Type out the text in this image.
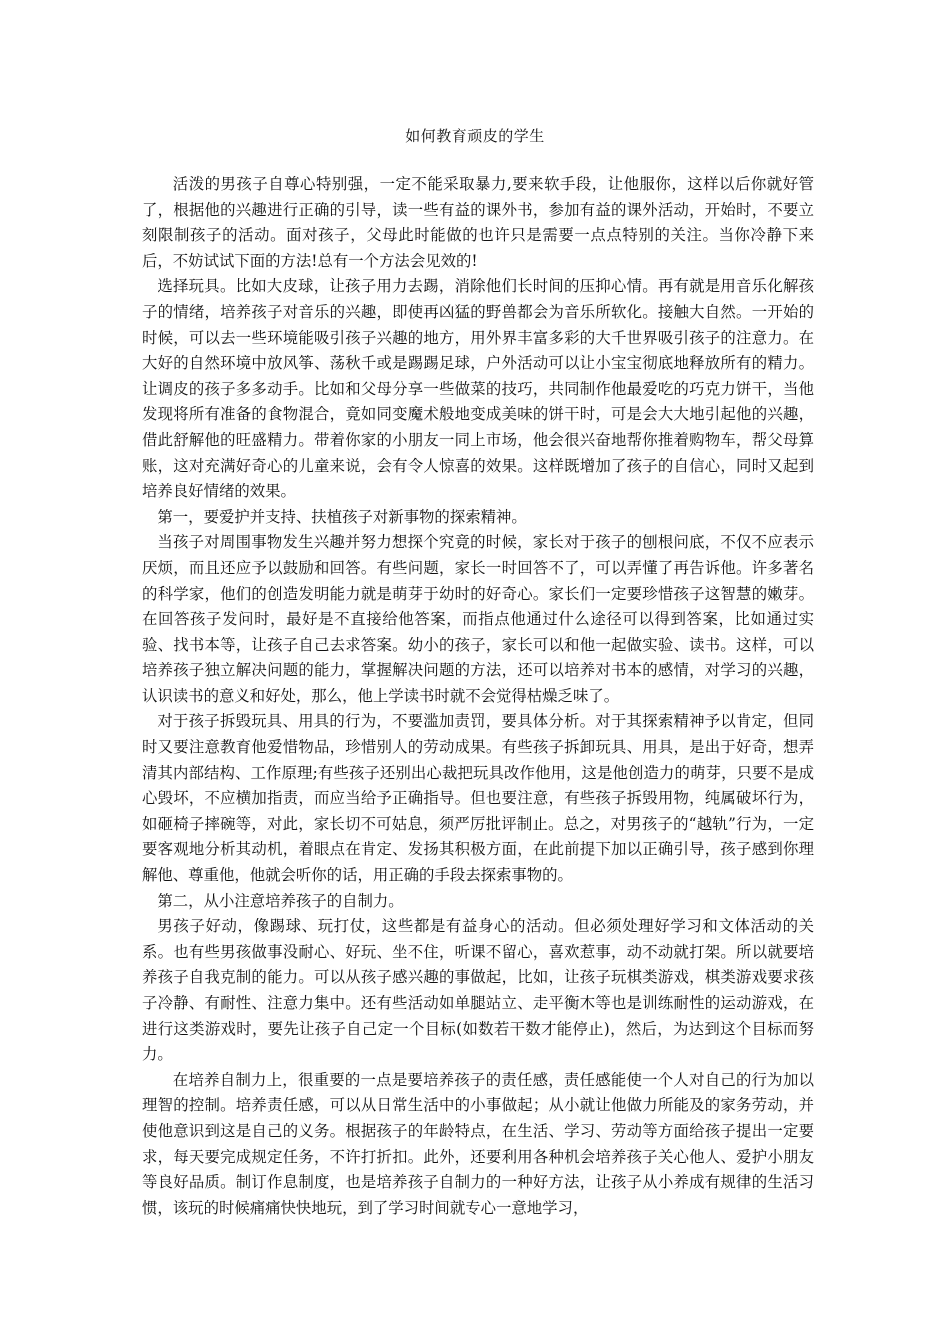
如何教育顽皮的学生

活泼的男孩子自尊心特别强，一定不能采取暴力,要来软手段，让他服你，这样以后你就好管了，根据他的兴趣进行正确的引导，读一些有益的课外书，参加有益的课外活动，开始时，不要立刻限制孩子的活动。面对孩子，父母此时能做的也许只是需要一点点特别的关注。当你冷静下来后，不妨试试下面的方法!总有一个方法会见效的!

选择玩具。比如大皮球，让孩子用力去踢，消除他们长时间的压抑心情。再有就是用音乐化解孩子的情绪，培养孩子对音乐的兴趣，即使再凶猛的野兽都会为音乐所软化。接触大自然。一开始的时候，可以去一些环境能吸引孩子兴趣的地方，用外界丰富多彩的大千世界吸引孩子的注意力。在大好的自然环境中放风筝、荡秋千或是踢踢足球，户外活动可以让小宝宝彻底地释放所有的精力。让调皮的孩子多多动手。比如和父母分享一些做菜的技巧，共同制作他最爱吃的巧克力饼干，当他发现将所有准备的食物混合，竟如同变魔术般地变成美味的饼干时，可是会大大地引起他的兴趣，借此舒解他的旺盛精力。带着你家的小朋友一同上市场，他会很兴奋地帮你推着购物车，帮父母算账，这对充满好奇心的儿童来说，会有令人惊喜的效果。这样既增加了孩子的自信心，同时又起到培养良好情绪的效果。

第一，要爱护并支持、扶植孩子对新事物的探索精神。

当孩子对周围事物发生兴趣并努力想探个究竟的时候，家长对于孩子的刨根问底，不仅不应表示厌烦，而且还应予以鼓励和回答。有些问题，家长一时回答不了，可以弄懂了再告诉他。许多著名的科学家，他们的创造发明能力就是萌芽于幼时的好奇心。家长们一定要珍惜孩子这智慧的嫩芽。在回答孩子发问时，最好是不直接给他答案，而指点他通过什么途径可以得到答案，比如通过实验、找书本等，让孩子自己去求答案。幼小的孩子，家长可以和他一起做实验、读书。这样，可以培养孩子独立解决问题的能力，掌握解决问题的方法，还可以培养对书本的感情，对学习的兴趣，认识读书的意义和好处，那么，他上学读书时就不会觉得枯燥乏味了。

对于孩子拆毁玩具、用具的行为，不要滥加责罚，要具体分析。对于其探索精神予以肯定，但同时又要注意教育他爱惜物品，珍惜别人的劳动成果。有些孩子拆卸玩具、用具，是出于好奇，想弄清其内部结构、工作原理;有些孩子还别出心裁把玩具改作他用，这是他创造力的萌芽，只要不是成心毁坏，不应横加指责，而应当给予正确指导。但也要注意，有些孩子拆毁用物，纯属破坏行为，如砸椅子摔碗等，对此，家长切不可姑息，须严厉批评制止。总之，对男孩子的“越轨”行为，一定要客观地分析其动机，着眼点在肯定、发扬其积极方面，在此前提下加以正确引导，孩子感到你理解他、尊重他，他就会听你的话，用正确的手段去探索事物的。

第二，从小注意培养孩子的自制力。

男孩子好动，像踢球、玩打仗，这些都是有益身心的活动。但必须处理好学习和文体活动的关系。也有些男孩做事没耐心、好玩、坐不住，听课不留心，喜欢惹事，动不动就打架。所以就要培养孩子自我克制的能力。可以从孩子感兴趣的事做起，比如，让孩子玩棋类游戏，棋类游戏要求孩子冷静、有耐性、注意力集中。还有些活动如单腿站立、走平衡木等也是训练耐性的运动游戏，在进行这类游戏时，要先让孩子自己定一个目标(如数若干数才能停止)，然后，为达到这个目标而努力。

在培养自制力上，很重要的一点是要培养孩子的责任感，责任感能使一个人对自己的行为加以理智的控制。培养责任感，可以从日常生活中的小事做起；从小就让他做力所能及的家务劳动，并使他意识到这是自己的义务。根据孩子的年龄特点，在生活、学习、劳动等方面给孩子提出一定要求，每天要完成规定任务，不许打折扣。此外，还要利用各种机会培养孩子关心他人、爱护小朋友等良好品质。制订作息制度，也是培养孩子自制力的一种好方法，让孩子从小养成有规律的生活习惯，该玩的时候痛痛快快地玩，到了学习时间就专心一意地学习，
